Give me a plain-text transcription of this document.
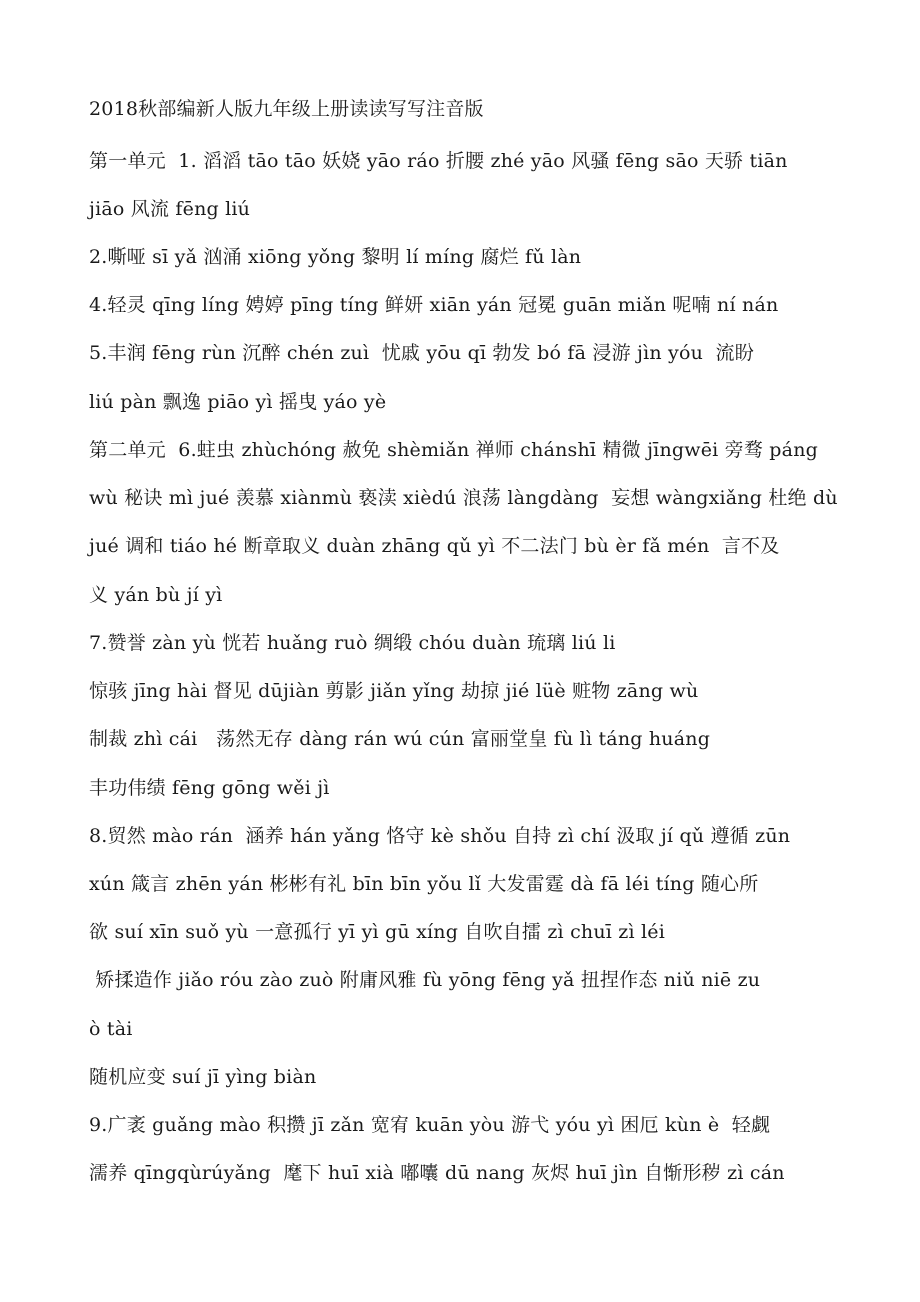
2018秋部编新人版九年级上册读读写写注音版
第一单元  1. 滔滔 tāo tāo 妖娆 yāo ráo 折腰 zhé yāo 风骚 fēng sāo 天骄 tiān
jiāo 风流 fēng liú
2.嘶哑 sī yǎ 汹涌 xiōng yǒng 黎明 lí míng 腐烂 fǔ làn
4.轻灵 qīng líng 娉婷 pīng tíng 鲜妍 xiān yán 冠冕 guān miǎn 呢喃 ní nán
5.丰润 fēng rùn 沉醉 chén zuì  忧戚 yōu qī 勃发 bó fā 浸游 jìn yóu  流盼
liú pàn 飘逸 piāo yì 摇曳 yáo yè
第二单元  6.蛀虫 zhùchóng 赦免 shèmiǎn 禅师 chánshī 精微 jīngwēi 旁骛 páng
wù 秘诀 mì jué 羡慕 xiànmù 亵渎 xièdú 浪荡 làngdàng  妄想 wàngxiǎng 杜绝 dù
jué 调和 tiáo hé 断章取义 duàn zhāng qǔ yì 不二法门 bù èr fǎ mén  言不及
义 yán bù jí yì
7.赞誉 zàn yù 恍若 huǎng ruò 绸缎 chóu duàn 琉璃 liú li
惊骇 jīng hài 督见 dūjiàn 剪影 jiǎn yǐng 劫掠 jié lüè 赃物 zāng wù
制裁 zhì cái   荡然无存 dàng rán wú cún 富丽堂皇 fù lì táng huáng
丰功伟绩 fēng gōng wěi jì
8.贸然 mào rán  涵养 hán yǎng 恪守 kè shǒu 自持 zì chí 汲取 jí qǔ 遵循 zūn
xún 箴言 zhēn yán 彬彬有礼 bīn bīn yǒu lǐ 大发雷霆 dà fā léi tíng 随心所
欲 suí xīn suǒ yù 一意孤行 yī yì gū xíng 自吹自擂 zì chuī zì léi
矫揉造作 jiǎo róu zào zuò 附庸风雅 fù yōng fēng yǎ 扭捏作态 niǔ niē zu
ò tài
随机应变 suí jī yìng biàn
9.广袤 guǎng mào 积攒 jī zǎn 宽宥 kuān yòu 游弋 yóu yì 困厄 kùn è  轻觑
濡养 qīngqùrúyǎng  麾下 huī xià 嘟囔 dū nang 灰烬 huī jìn 自惭形秽 zì cán
